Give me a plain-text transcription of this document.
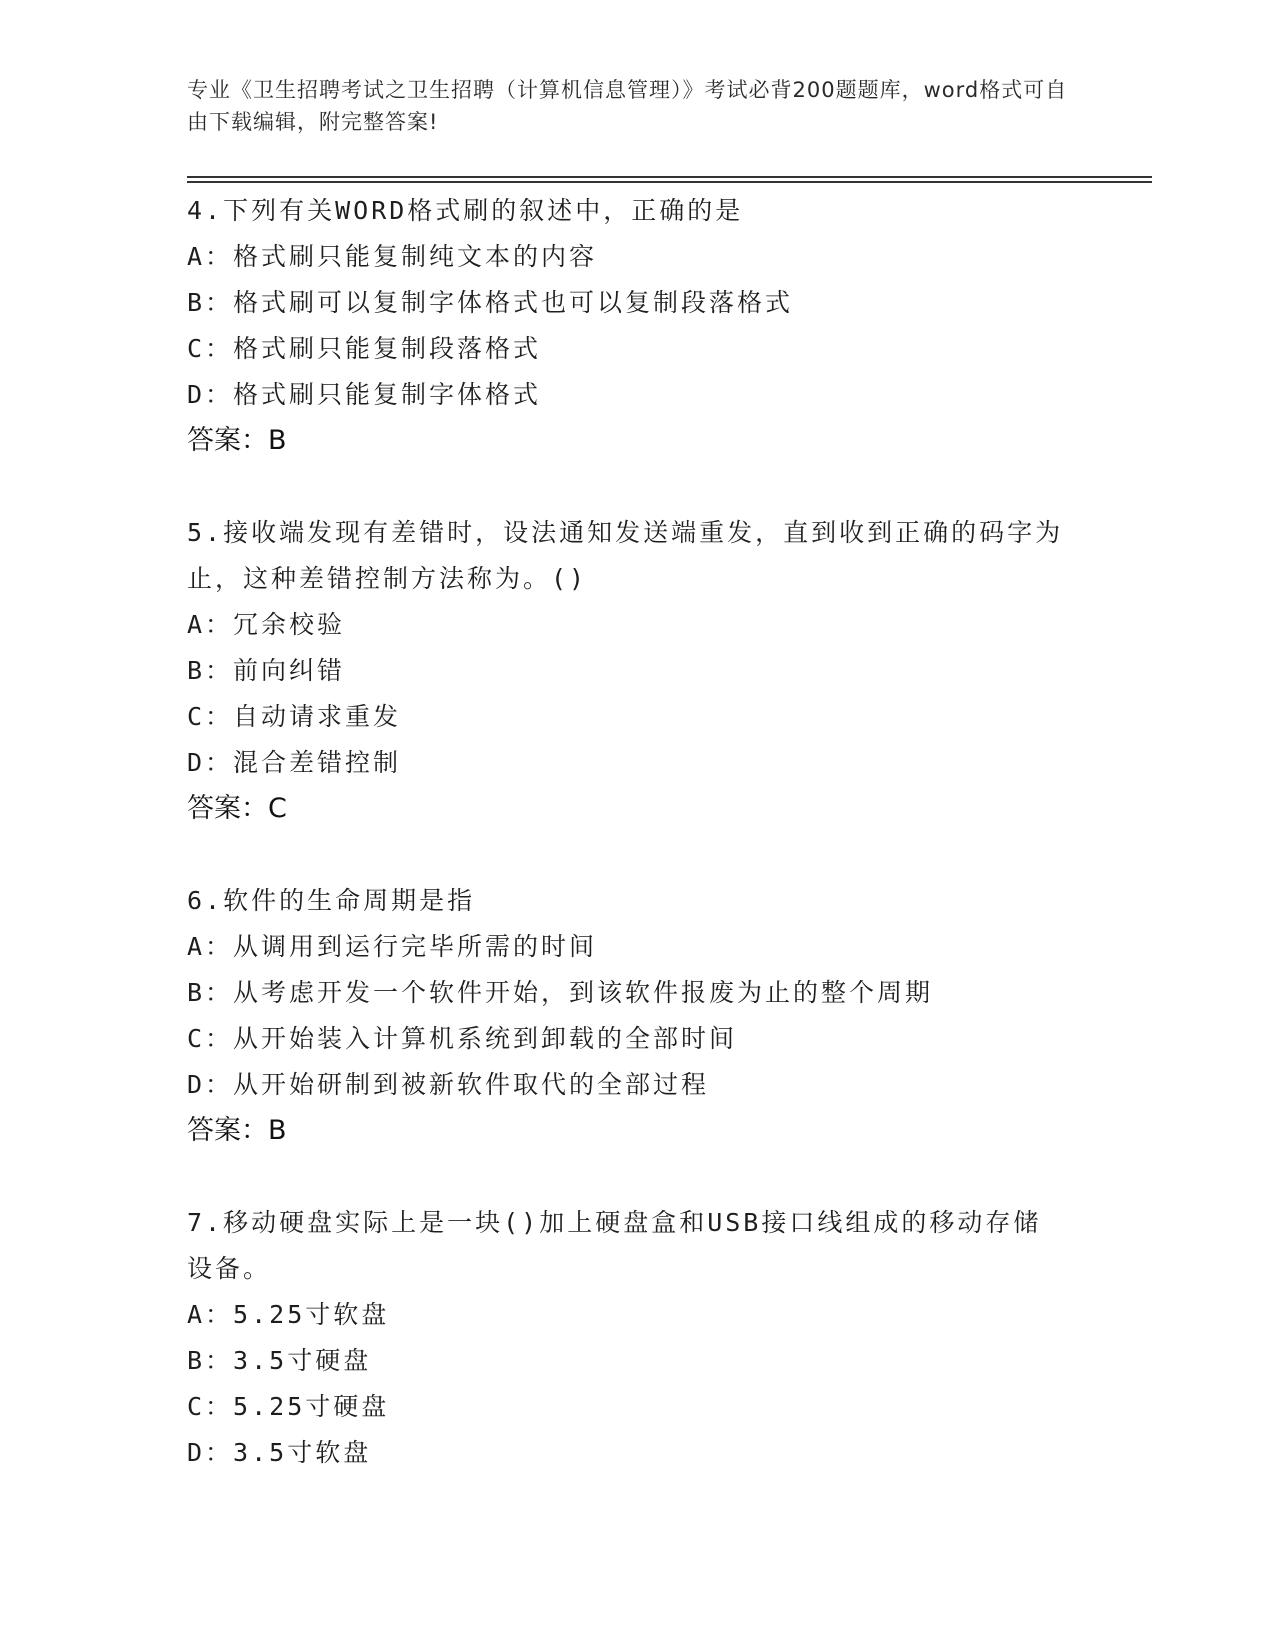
专业《卫生招聘考试之卫生招聘（计算机信息管理）》考试必背200题题库，word格式可自由下载编辑，附完整答案!
4.下列有关WORD格式刷的叙述中，正确的是
A：格式刷只能复制纯文本的内容
B：格式刷可以复制字体格式也可以复制段落格式
C：格式刷只能复制段落格式
D：格式刷只能复制字体格式
答案：B
5.接收端发现有差错时，设法通知发送端重发，直到收到正确的码字为止，这种差错控制方法称为。()
A：冗余校验
B：前向纠错
C：自动请求重发
D：混合差错控制
答案：C
6.软件的生命周期是指
A：从调用到运行完毕所需的时间
B：从考虑开发一个软件开始，到该软件报废为止的整个周期
C：从开始装入计算机系统到卸载的全部时间
D：从开始研制到被新软件取代的全部过程
答案：B
7.移动硬盘实际上是一块()加上硬盘盒和USB接口线组成的移动存储设备。
A：5.25寸软盘
B：3.5寸硬盘
C：5.25寸硬盘
D：3.5寸软盘
